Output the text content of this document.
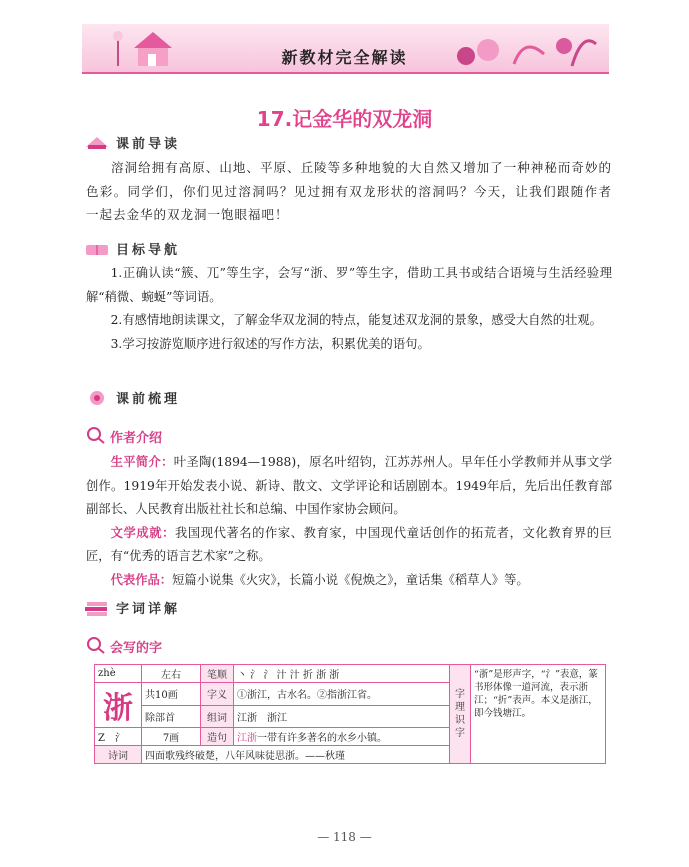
新教材完全解读
17.记金华的双龙洞
课前导读

溶洞给拥有高原、山地、平原、丘陵等多种地貌的大自然又增加了一种神秘而奇妙的色彩。同学们，你们见过溶洞吗？见过拥有双龙形状的溶洞吗？今天，让我们跟随作者一起去金华的双龙洞一饱眼福吧！

目标导航

1.正确认读“簇、兀”等生字，会写“浙、罗”等生字，借助工具书或结合语境与生活经验理解“稍微、蜿蜒”等词语。

2.有感情地朗读课文，了解金华双龙洞的特点，能复述双龙洞的景象，感受大自然的壮观。

3.学习按游览顺序进行叙述的写作方法，积累优美的语句。

课前梳理
作者介绍

生平简介：叶圣陶(1894—1988)，原名叶绍钧，江苏苏州人。早年任小学教师并从事文学创作。1919年开始发表小说、新诗、散文、文学评论和话剧剧本。1949年后，先后出任教育部副部长、人民教育出版社社长和总编、中国作家协会顾问。

文学成就：我国现代著名的作家、教育家，中国现代童话创作的拓荒者，文化教育界的巨匠，有“优秀的语言艺术家”之称。

代表作品：短篇小说集《火灾》，长篇小说《倪焕之》，童话集《稻草人》等。

字词详解
会写的字
zhè	左右	笔顺	丶 氵 氵 汁 汁 折 浙 浙	字理识字	“浙”是形声字，“氵”表意，篆书形体像一道河流，表示浙江；“折”表声。本义是浙江，即今钱塘江。
浙	共10画	字义	①浙江，古水名。②指浙江省。		
	除部首	组词	江浙　浙江		
Z　 氵	7画	造句	江浙一带有许多著名的水乡小镇。		
诗词	四面歌残终破楚，八年风味徒思浙。——秋瑾				
— 118 —
